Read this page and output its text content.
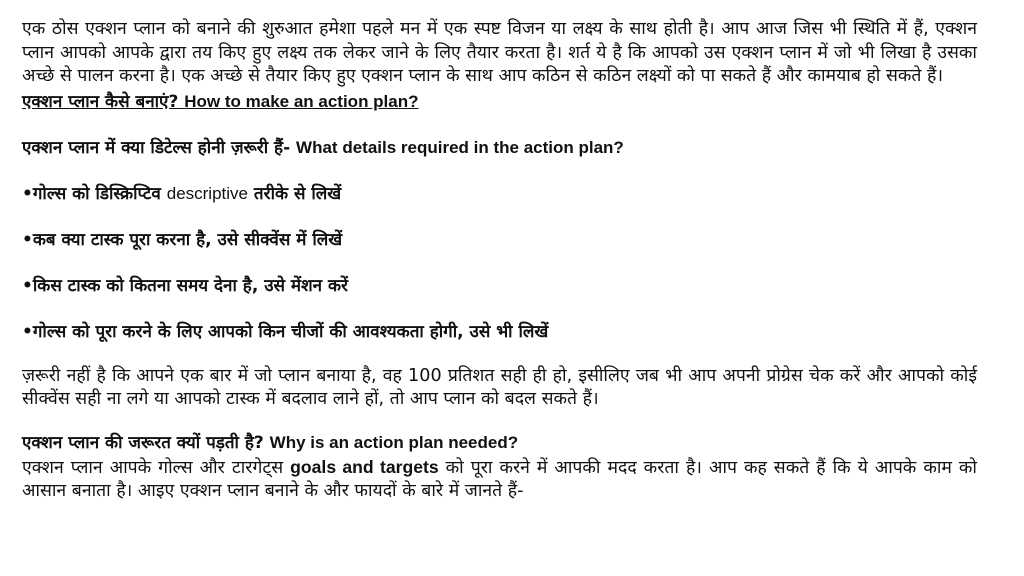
एक ठोस एक्शन प्लान को बनाने की शुरुआत हमेशा पहले मन में एक स्पष्ट विजन या लक्ष्य के साथ होती है। आप आज जिस भी स्थिति में हैं, एक्शन प्लान आपको आपके द्वारा तय किए हुए लक्ष्य तक लेकर जाने के लिए तैयार करता है। शर्त ये है कि आपको उस एक्शन प्लान में जो भी लिखा है उसका अच्छे से पालन करना है। एक अच्छे से तैयार किए हुए एक्शन प्लान के साथ आप कठिन से कठिन लक्ष्यों को पा सकते हैं और कामयाब हो सकते हैं।

एक्शन प्लान कैसे बनाएं? How to make an action plan?

एक्शन प्लान में क्या डिटेल्स होनी ज़रूरी हैं- What details required in the action plan?

•गोल्स को डिस्क्रिप्टिव descriptive तरीके से लिखें

•कब क्या टास्क पूरा करना है, उसे सीक्वेंस में लिखें

•किस टास्क को कितना समय देना है, उसे मेंशन करें

•गोल्स को पूरा करने के लिए आपको किन चीजों की आवश्यकता होगी, उसे भी लिखें

ज़रूरी नहीं है कि आपने एक बार में जो प्लान बनाया है, वह 100 प्रतिशत सही ही हो, इसीलिए जब भी आप अपनी प्रोग्रेस चेक करें और आपको कोई सीक्वेंस सही ना लगे या आपको टास्क में बदलाव लाने हों, तो आप प्लान को बदल सकते हैं।

एक्शन प्लान की जरूरत क्यों पड़ती है? Why is an action plan needed?

एक्शन प्लान आपके गोल्स और टारगेट्स goals and targets को पूरा करने में आपकी मदद करता है। आप कह सकते हैं कि ये आपके काम को आसान बनाता है। आइए एक्शन प्लान बनाने के और फायदों के बारे में जानते हैं-
